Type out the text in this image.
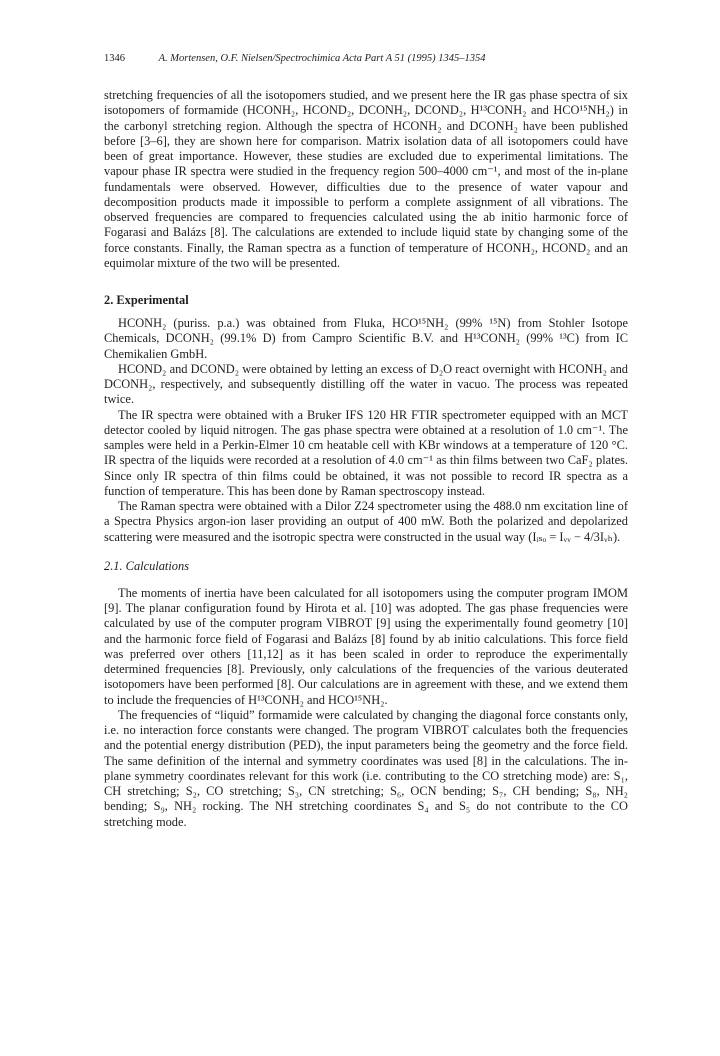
1346	A. Mortensen, O.F. Nielsen/Spectrochimica Acta Part A 51 (1995) 1345–1354

stretching frequencies of all the isotopomers studied, and we present here the IR gas phase spectra of six isotopomers of formamide (HCONH₂, HCOND₂, DCONH₂, DCOND₂, H¹³CONH₂ and HCO¹⁵NH₂) in the carbonyl stretching region. Although the spectra of HCONH₂ and DCONH₂ have been published before [3–6], they are shown here for comparison. Matrix isolation data of all isotopomers could have been of great importance. However, these studies are excluded due to experimental limitations. The vapour phase IR spectra were studied in the frequency region 500–4000 cm⁻¹, and most of the in-plane fundamentals were observed. However, difficulties due to the presence of water vapour and decomposition products made it impossible to perform a complete assignment of all vibrations. The observed frequencies are compared to frequencies calculated using the ab initio harmonic force of Fogarasi and Balázs [8]. The calculations are extended to include liquid state by changing some of the force constants. Finally, the Raman spectra as a function of temperature of HCONH₂, HCOND₂ and an equimolar mixture of the two will be presented.

2. Experimental

HCONH₂ (puriss. p.a.) was obtained from Fluka, HCO¹⁵NH₂ (99% ¹⁵N) from Stohler Isotope Chemicals, DCONH₂ (99.1% D) from Campro Scientific B.V. and H¹³CONH₂ (99% ¹³C) from IC Chemikalien GmbH.

HCOND₂ and DCOND₂ were obtained by letting an excess of D₂O react overnight with HCONH₂ and DCONH₂, respectively, and subsequently distilling off the water in vacuo. The process was repeated twice.

The IR spectra were obtained with a Bruker IFS 120 HR FTIR spectrometer equipped with an MCT detector cooled by liquid nitrogen. The gas phase spectra were obtained at a resolution of 1.0 cm⁻¹. The samples were held in a Perkin-Elmer 10 cm heatable cell with KBr windows at a temperature of 120 °C. IR spectra of the liquids were recorded at a resolution of 4.0 cm⁻¹ as thin films between two CaF₂ plates. Since only IR spectra of thin films could be obtained, it was not possible to record IR spectra as a function of temperature. This has been done by Raman spectroscopy instead.

The Raman spectra were obtained with a Dilor Z24 spectrometer using the 488.0 nm excitation line of a Spectra Physics argon-ion laser providing an output of 400 mW. Both the polarized and depolarized scattering were measured and the isotropic spectra were constructed in the usual way (Iᵢₛₒ = Iᵥᵥ − 4/3Iᵥₕ).

2.1. Calculations

The moments of inertia have been calculated for all isotopomers using the computer program IMOM [9]. The planar configuration found by Hirota et al. [10] was adopted. The gas phase frequencies were calculated by use of the computer program VIBROT [9] using the experimentally found geometry [10] and the harmonic force field of Fogarasi and Balázs [8] found by ab initio calculations. This force field was preferred over others [11,12] as it has been scaled in order to reproduce the experimentally determined frequencies [8]. Previously, only calculations of the frequencies of the various deuterated isotopomers have been performed [8]. Our calculations are in agreement with these, and we extend them to include the frequencies of H¹³CONH₂ and HCO¹⁵NH₂.

The frequencies of “liquid” formamide were calculated by changing the diagonal force constants only, i.e. no interaction force constants were changed. The program VIBROT calculates both the frequencies and the potential energy distribution (PED), the input parameters being the geometry and the force field. The same definition of the internal and symmetry coordinates was used [8] in the calculations. The in-plane symmetry coordinates relevant for this work (i.e. contributing to the CO stretching mode) are: S₁, CH stretching; S₂, CO stretching; S₃, CN stretching; S₆, OCN bending; S₇, CH bending; S₈, NH₂ bending; S₉, NH₂ rocking. The NH stretching coordinates S₄ and S₅ do not contribute to the CO stretching mode.
